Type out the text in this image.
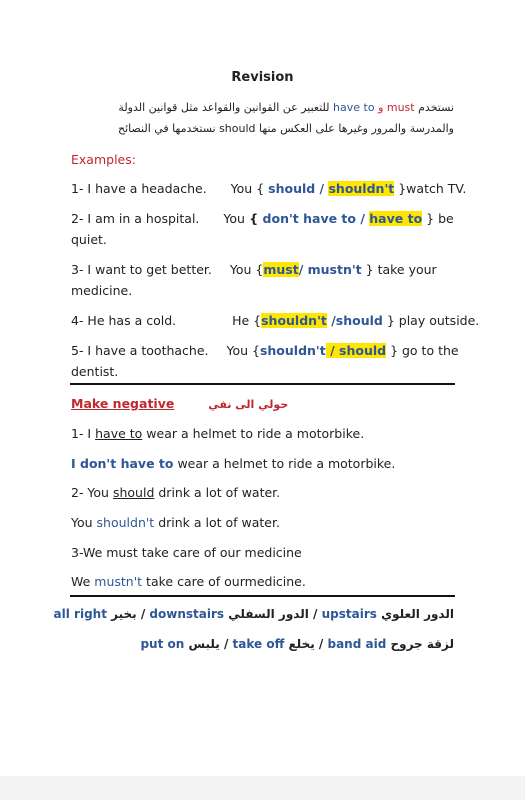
Revision
نستخدم must و have to للتعبير عن القوانين والقواعد مثل قوانين الدولة
والمدرسة والمرور وغيرها على العكس منها should نستخدمها في النصائح
Examples:
1- I have a headache. You { should / shouldn't }watch TV.
2- I am in a hospital. You { don't have to / have to } be
quiet.
3- I want to get better. You {must/ mustn't } take your
medicine.
4- He has a cold.	He {shouldn't /should } play outside.
5- I have a toothache. You {shouldn't / should } go to the
dentist.
Make negative	حولي الى نفي
1- I have to wear a helmet to ride a motorbike.
I don't have to wear a helmet to ride a motorbike.
2- You should drink a lot of water.
You shouldn't drink a lot of water.
3-We must take care of our medicine
We mustn't take care of ourmedicine.
الدور العلوي upstairs / الدور السفلي downstairs / بخير all right
لزقة جروح band aid / يخلع take off / يلبس put on
